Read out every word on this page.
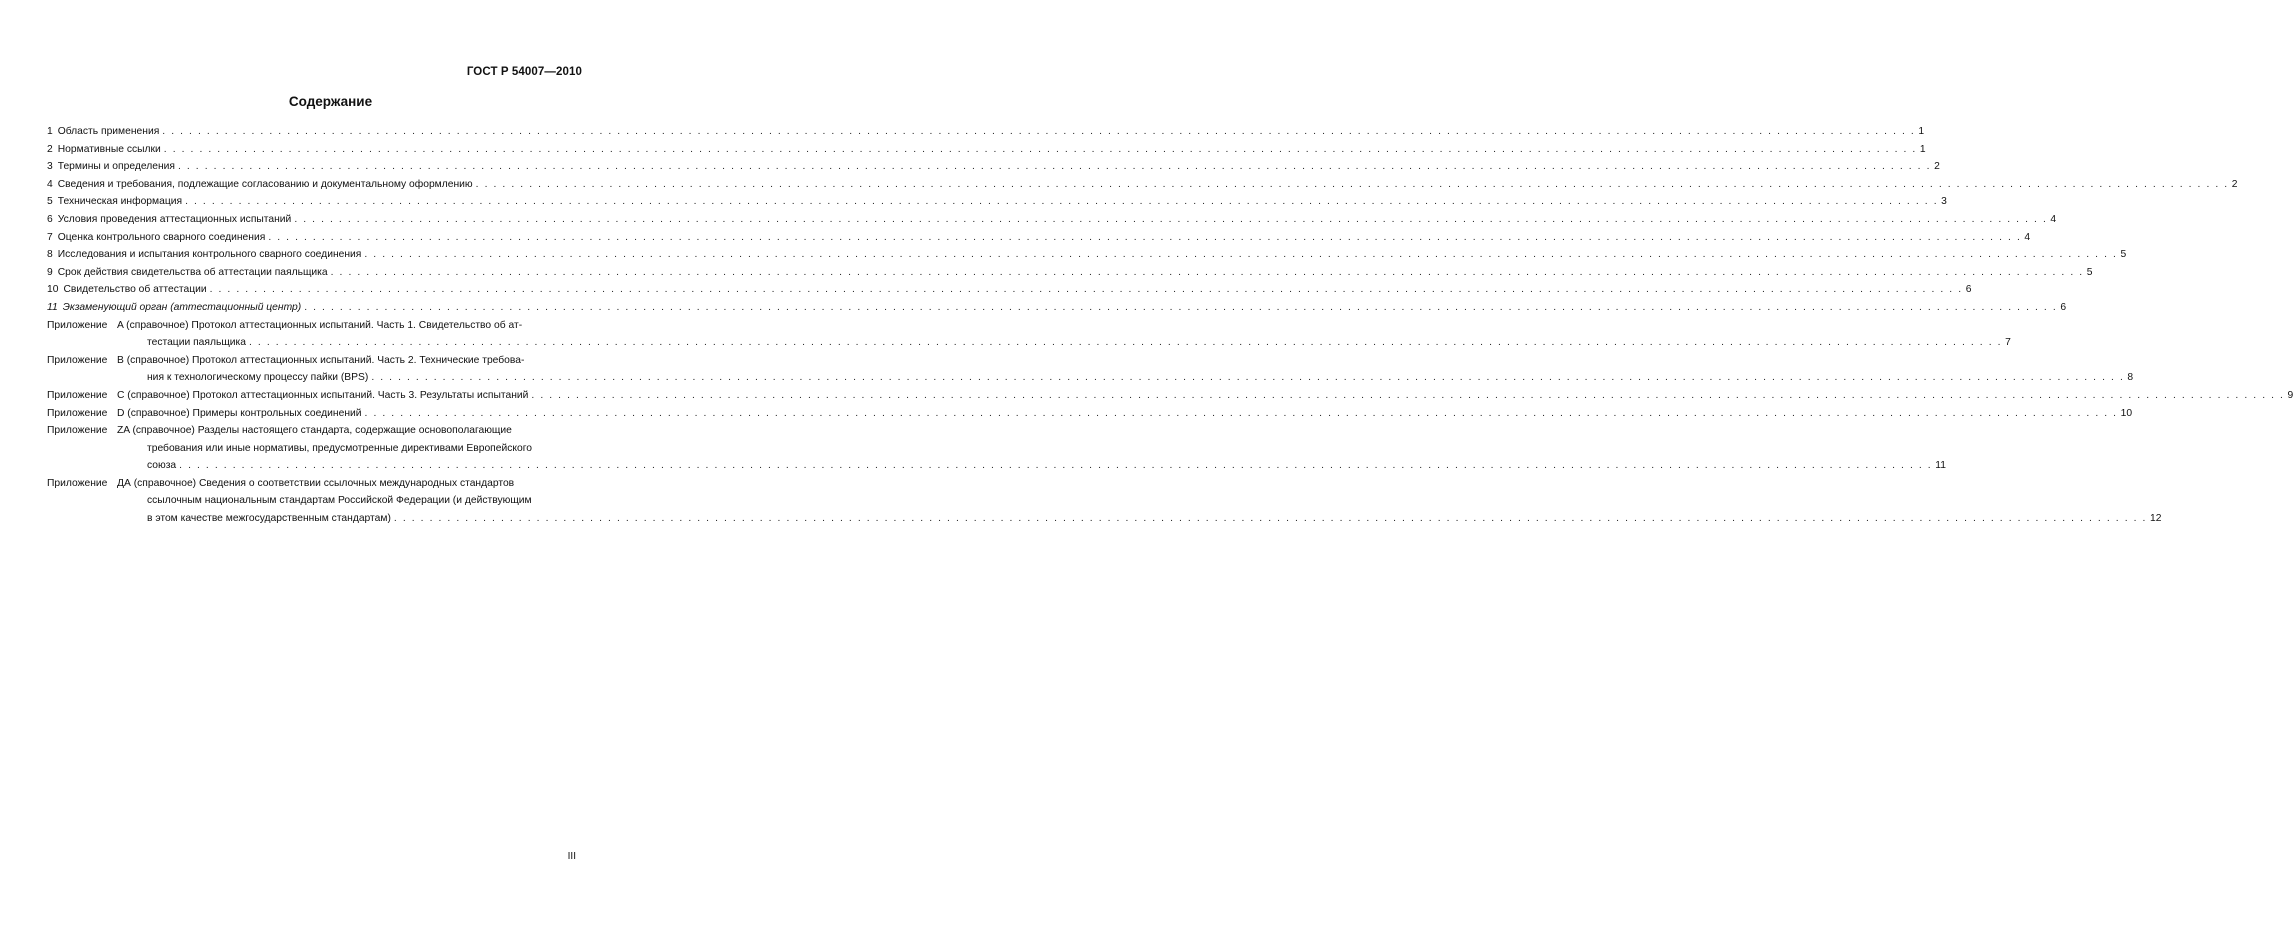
ГОСТ Р 54007—2010
Содержание
1 Область применения . . .	1
2 Нормативные ссылки . . .	1
3 Термины и определения . . .	2
4 Сведения и требования, подлежащие согласованию и документальному оформлению . . .	2
5 Техническая информация . . .	3
6 Условия проведения аттестационных испытаний . . .	4
7 Оценка контрольного сварного соединения . . .	4
8 Исследования и испытания контрольного сварного соединения . . .	5
9 Срок действия свидетельства об аттестации паяльщика . . .	5
10 Свидетельство об аттестации . . .	6
11 Экзаменующий орган (аттестационный центр) . . .	6
Приложение A (справочное) Протокол аттестационных испытаний. Часть 1. Свидетельство об ат-
тестации паяльщика . . .	7
Приложение B (справочное) Протокол аттестационных испытаний. Часть 2. Технические требова-
ния к технологическому процессу пайки (BPS) . . .	8
Приложение C (справочное) Протокол аттестационных испытаний. Часть 3. Результаты испытаний . . .	9
Приложение D (справочное) Примеры контрольных соединений . . .	10
Приложение ZA (справочное) Разделы настоящего стандарта, содержащие основополагающие
требования или иные нормативы, предусмотренные директивами Европейского
союза . . .	11
Приложение ДА (справочное) Сведения о соответствии ссылочных международных стандартов
ссылочным национальным стандартам Российской Федерации (и действующим
в этом качестве межгосударственным стандартам) . . .	12
III
